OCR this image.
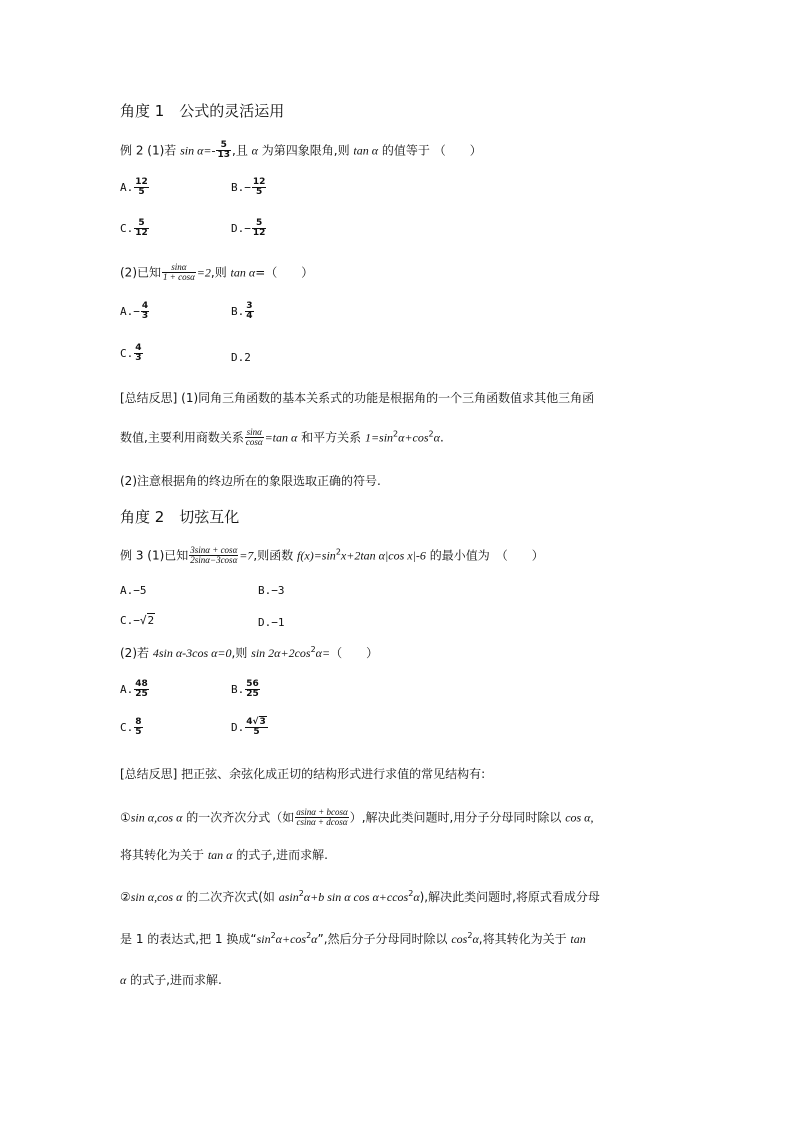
角度 1　公式的灵活运用
例 2 (1)若 $\sin \alpha=- \frac{5}{13}$ ,且 α 为第四象限角,则 tan α 的值等于 （　　）
A. $\frac{12}{5}$	$B.- \frac{12}{5}$
C. $\frac{5}{12}$	$D.- \frac{5}{12}$
(2)已知 $\frac{\sin\alpha}{1 + \cos\alpha} =2$,则 tan α=（　　）
$A.- \frac{4}{3}$	B. $\frac{3}{4}$
C. $\frac{4}{3}$	D.2
[总结反思] (1)同角三角函数的基本关系式的功能是根据角的一个三角函数值求其他三角函
数值,主要利用商数关系 $\frac{\sin\alpha}{\cos\alpha} =\tan$ α 和平方关系 $1=\sin^2\alpha+\cos^2\alpha$.
(2)注意根据角的终边所在的象限选取正确的符号.
角度 2　切弦互化
例 3 (1)已知 $\frac{3\sin\alpha + \cos\alpha}{2\sin\alpha-3\cos\alpha} =7$,则函数 $f(x)=\sin^2x+2\tan$ α|cos x|-6 的最小值为　（　　）
A.−5	B.−3
C.−√2	D.−1
(2)若 4sin α-3cos α=0,则 $\sin 2\alpha+2\cos^2\alpha=$（　　）
A. $\frac{48}{25}$	B. $\frac{56}{25}$
C. $\frac{8}{5}$	D. $\frac{4√3}{5}$
[总结反思] 把正弦、余弦化成正切的结构形式进行求值的常见结构有:
①sin α,cos α 的一次齐次分式（如 $\frac{asin\alpha + bcos\alpha}{csin\alpha + dcos\alpha}$ ）,解决此类问题时,用分子分母同时除以 cos α,
将其转化为关于 tan α 的式子,进而求解.
②sin α,cos α 的二次齐次式(如 asin$^2$α+b sin α cos α+ccos$^2$α),解决此类问题时,将原式看成分母
是 1 的表达式,把 1 换成“$\sin^2\alpha+\cos^2\alpha$”,然后分子分母同时除以 $\cos^2\alpha$,将其转化为关于 tan
α 的式子,进而求解.
